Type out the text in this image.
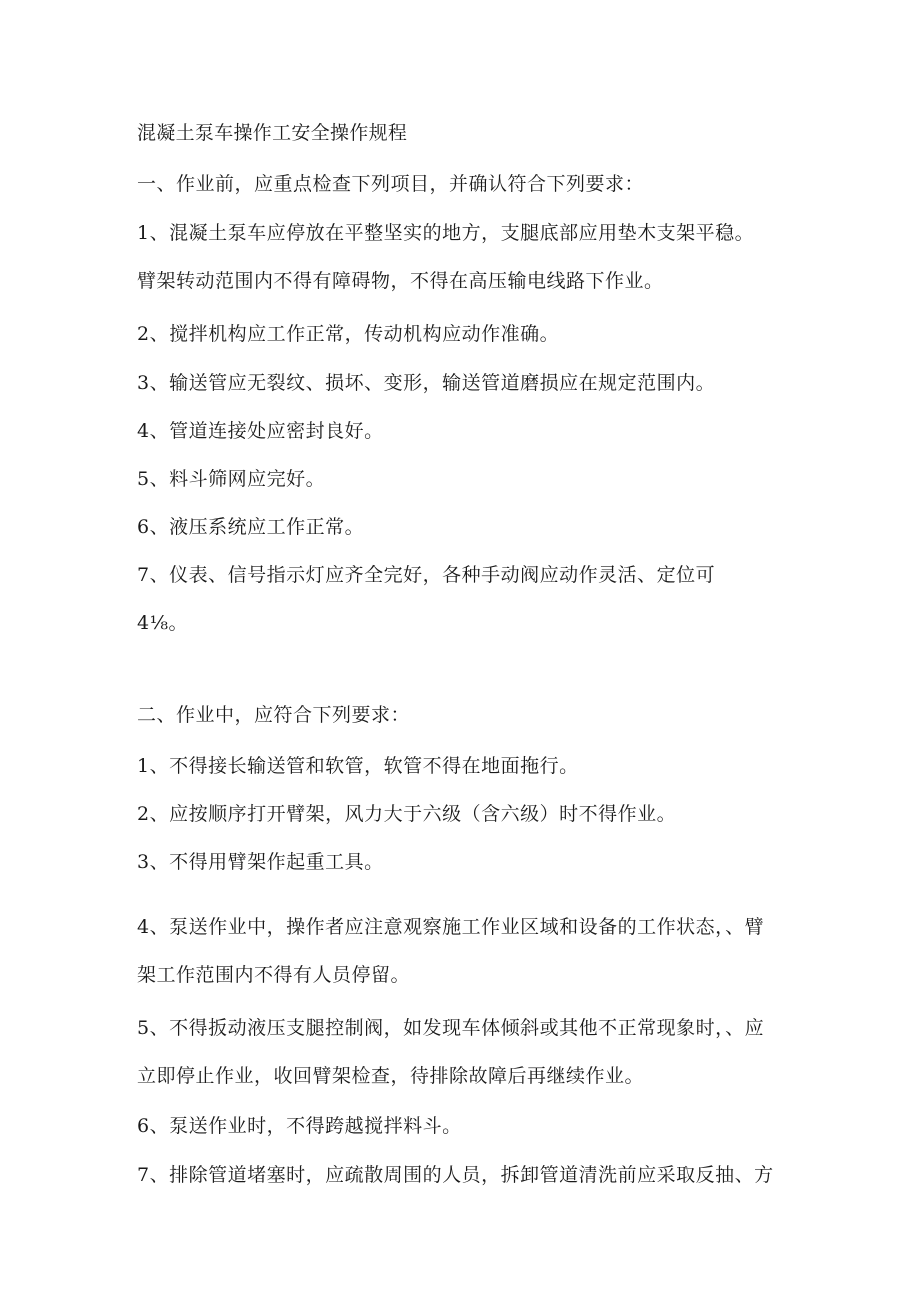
混凝土泵车操作工安全操作规程
一、作业前，应重点检查下列项目，并确认符合下列要求：
1、混凝土泵车应停放在平整坚实的地方，支腿底部应用垫木支架平稳。
臂架转动范围内不得有障碍物，不得在高压输电线路下作业。
2、搅拌机构应工作正常，传动机构应动作准确。
3、输送管应无裂纹、损坏、变形，输送管道磨损应在规定范围内。
4、管道连接处应密封良好。
5、料斗筛网应完好。
6、液压系统应工作正常。
7、仪表、信号指示灯应齐全完好，各种手动阀应动作灵活、定位可
4⅛。
二、作业中，应符合下列要求：
1、不得接长输送管和软管，软管不得在地面拖行。
2、应按顺序打开臂架，风力大于六级（含六级）时不得作业。
3、不得用臂架作起重工具。
4、泵送作业中，操作者应注意观察施工作业区域和设备的工作状态，、臂
架工作范围内不得有人员停留。
5、不得扳动液压支腿控制阀，如发现车体倾斜或其他不正常现象时，、应
立即停止作业，收回臂架检查，待排除故障后再继续作业。
6、泵送作业时，不得跨越搅拌料斗。
7、排除管道堵塞时，应疏散周围的人员，拆卸管道清洗前应采取反抽、方
